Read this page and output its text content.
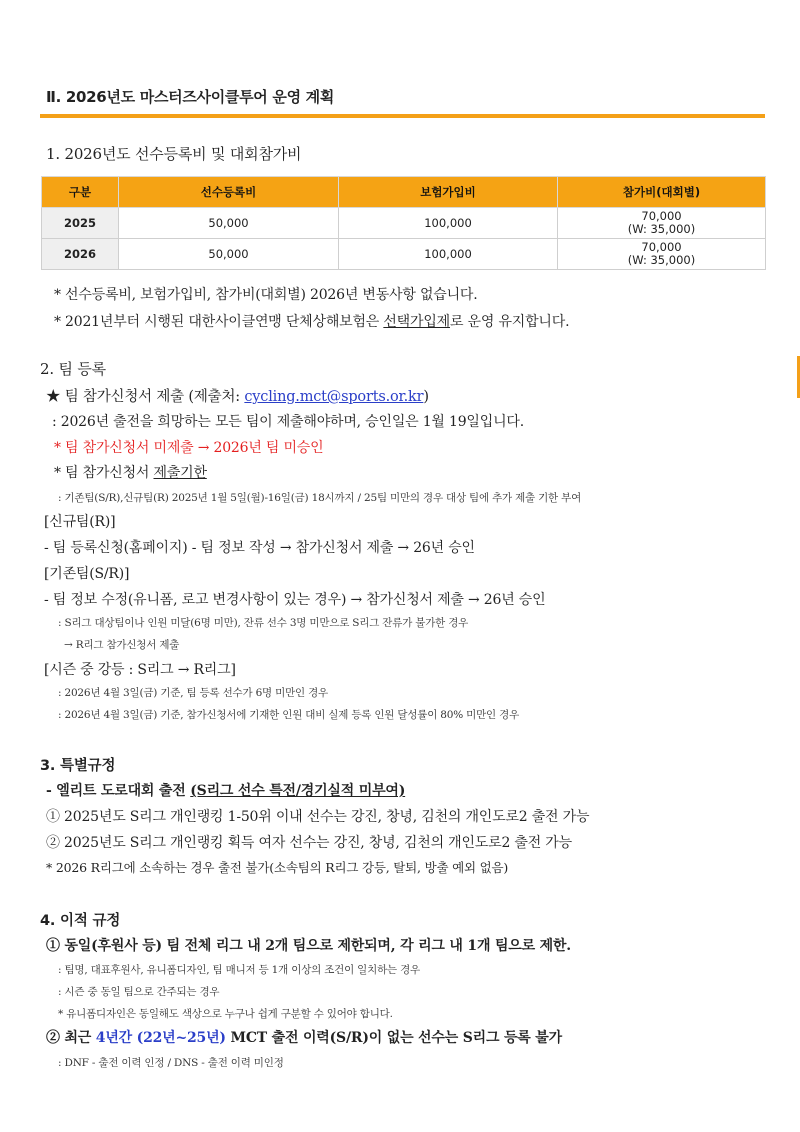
Ⅱ. 2026년도 마스터즈사이클투어 운영 계획
1. 2026년도 선수등록비 및 대회참가비
구분	선수등록비	보험가입비	참가비(대회별)
2025	50,000	100,000	70,000
(W: 35,000)

2026	50,000	100,000	70,000
(W: 35,000)
* 선수등록비, 보험가입비, 참가비(대회별) 2026년 변동사항 없습니다.
* 2021년부터 시행된 대한사이클연맹 단체상해보험은 선택가입제로 운영 유지합니다.
2. 팀 등록
★ 팀 참가신청서 제출 (제출처: cycling.mct@sports.or.kr)
: 2026년 출전을 희망하는 모든 팀이 제출해야하며, 승인일은 1월 19일입니다.
* 팀 참가신청서 미제출 → 2026년 팀 미승인
* 팀 참가신청서 제출기한
: 기존팀(S/R),신규팀(R) 2025년 1월 5일(월)-16일(금) 18시까지 / 25팀 미만의 경우 대상 팀에 추가 제출 기한 부여
[신규팀(R)]
- 팀 등록신청(홈페이지) - 팀 정보 작성 → 참가신청서 제출 → 26년 승인
[기존팀(S/R)]
- 팀 정보 수정(유니폼, 로고 변경사항이 있는 경우) → 참가신청서 제출 → 26년 승인
: S리그 대상팀이나 인원 미달(6명 미만), 잔류 선수 3명 미만으로 S리그 잔류가 불가한 경우
→ R리그 참가신청서 제출
[시즌 중 강등 : S리그 → R리그]
: 2026년 4월 3일(금) 기준, 팀 등록 선수가 6명 미만인 경우
: 2026년 4월 3일(금) 기준, 참가신청서에 기재한 인원 대비 실제 등록 인원 달성률이 80% 미만인 경우
3. 특별규정
- 엘리트 도로대회 출전 (S리그 선수 특전/경기실적 미부여)
① 2025년도 S리그 개인랭킹 1-50위 이내 선수는 강진, 창녕, 김천의 개인도로2 출전 가능
② 2025년도 S리그 개인랭킹 획득 여자 선수는 강진, 창녕, 김천의 개인도로2 출전 가능
* 2026 R리그에 소속하는 경우 출전 불가(소속팀의 R리그 강등, 탈퇴, 방출 예외 없음)
4. 이적 규정
① 동일(후원사 등) 팀 전체 리그 내 2개 팀으로 제한되며, 각 리그 내 1개 팀으로 제한.
: 팀명, 대표후원사, 유니폼디자인, 팀 매니저 등 1개 이상의 조건이 일치하는 경우
: 시즌 중 동일 팀으로 간주되는 경우
* 유니폼디자인은 동일해도 색상으로 누구나 쉽게 구분할 수 있어야 합니다.
② 최근 4년간 (22년~25년) MCT 출전 이력(S/R)이 없는 선수는 S리그 등록 불가
: DNF - 출전 이력 인정 / DNS - 출전 이력 미인정
